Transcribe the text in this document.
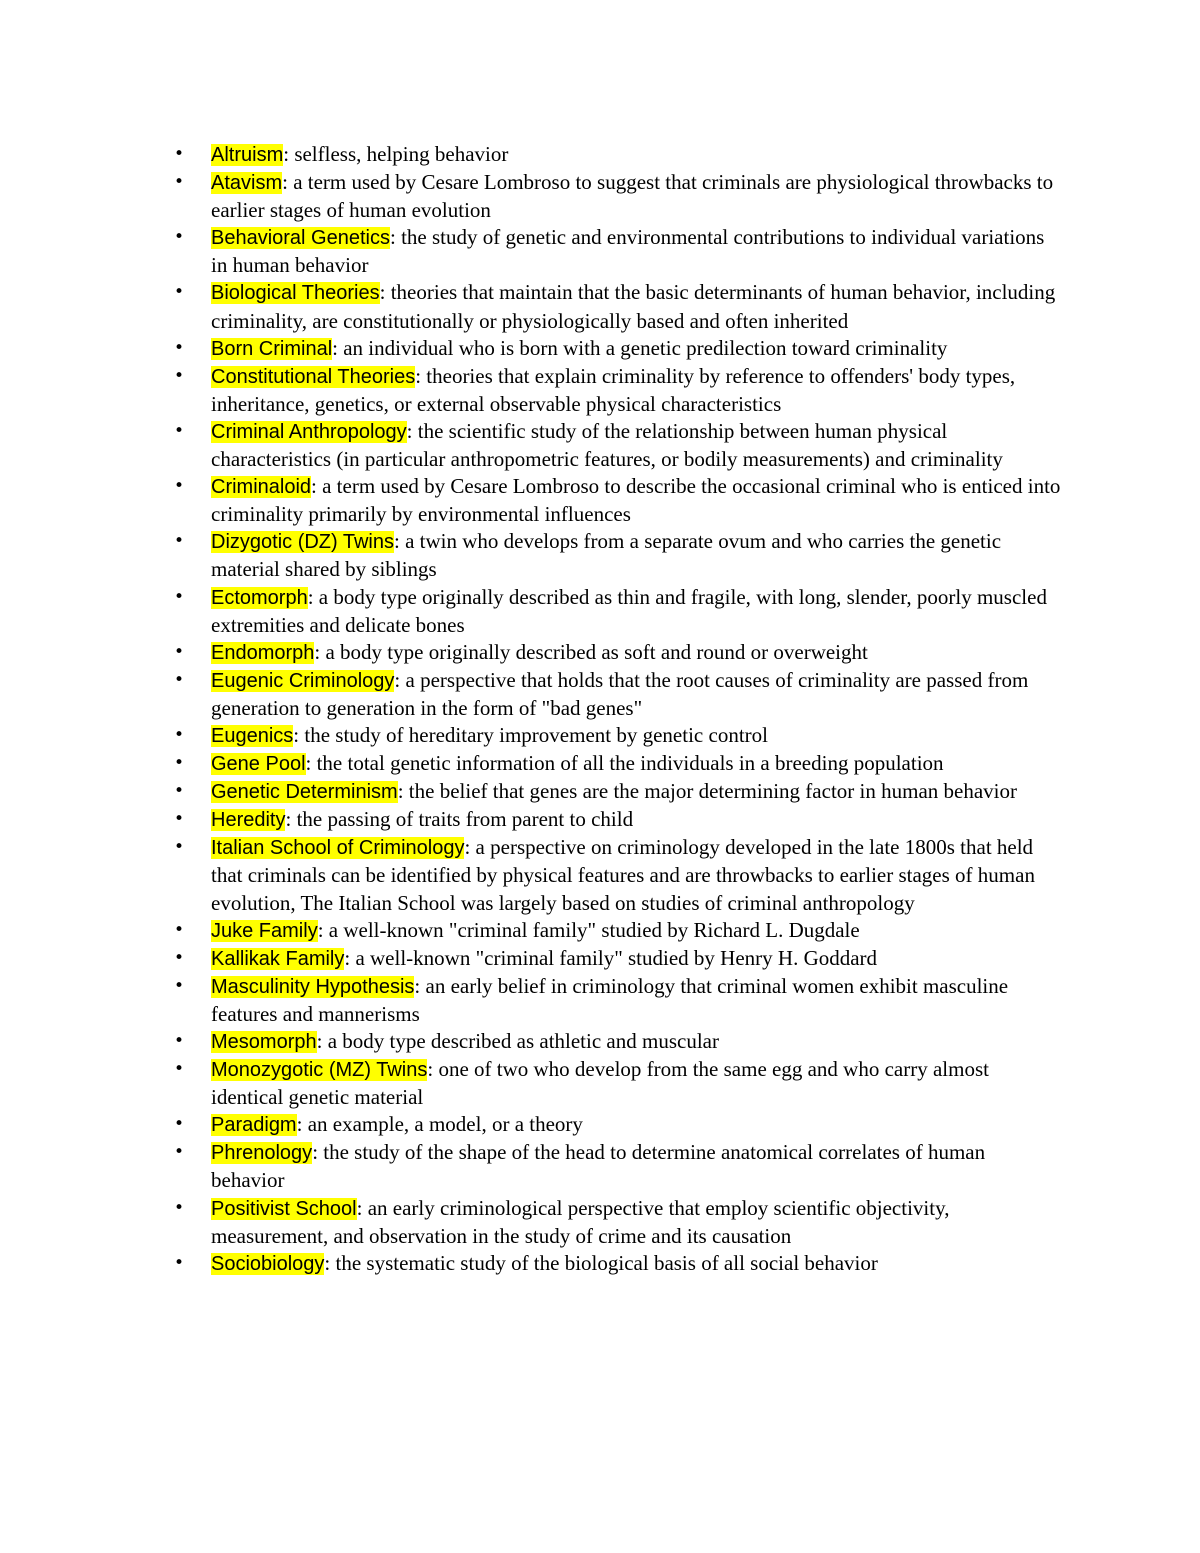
• Altruism: selfless, helping behavior
• Atavism: a term used by Cesare Lombroso to suggest that criminals are physiological throwbacks to earlier stages of human evolution
• Behavioral Genetics: the study of genetic and environmental contributions to individual variations in human behavior
• Biological Theories: theories that maintain that the basic determinants of human behavior, including criminality, are constitutionally or physiologically based and often inherited
• Born Criminal: an individual who is born with a genetic predilection toward criminality
• Constitutional Theories: theories that explain criminality by reference to offenders' body types, inheritance, genetics, or external observable physical characteristics
• Criminal Anthropology: the scientific study of the relationship between human physical characteristics (in particular anthropometric features, or bodily measurements) and criminality
• Criminaloid: a term used by Cesare Lombroso to describe the occasional criminal who is enticed into criminality primarily by environmental influences
• Dizygotic (DZ) Twins: a twin who develops from a separate ovum and who carries the genetic material shared by siblings
• Ectomorph: a body type originally described as thin and fragile, with long, slender, poorly muscled extremities and delicate bones
• Endomorph: a body type originally described as soft and round or overweight
• Eugenic Criminology: a perspective that holds that the root causes of criminality are passed from generation to generation in the form of "bad genes"
• Eugenics: the study of hereditary improvement by genetic control
• Gene Pool: the total genetic information of all the individuals in a breeding population
• Genetic Determinism: the belief that genes are the major determining factor in human behavior
• Heredity: the passing of traits from parent to child
• Italian School of Criminology: a perspective on criminology developed in the late 1800s that held that criminals can be identified by physical features and are throwbacks to earlier stages of human evolution, The Italian School was largely based on studies of criminal anthropology
• Juke Family: a well-known "criminal family" studied by Richard L. Dugdale
• Kallikak Family: a well-known "criminal family" studied by Henry H. Goddard
• Masculinity Hypothesis: an early belief in criminology that criminal women exhibit masculine features and mannerisms
• Mesomorph: a body type described as athletic and muscular
• Monozygotic (MZ) Twins: one of two who develop from the same egg and who carry almost identical genetic material
• Paradigm: an example, a model, or a theory
• Phrenology: the study of the shape of the head to determine anatomical correlates of human behavior
• Positivist School: an early criminological perspective that employ scientific objectivity, measurement, and observation in the study of crime and its causation
• Sociobiology: the systematic study of the biological basis of all social behavior
